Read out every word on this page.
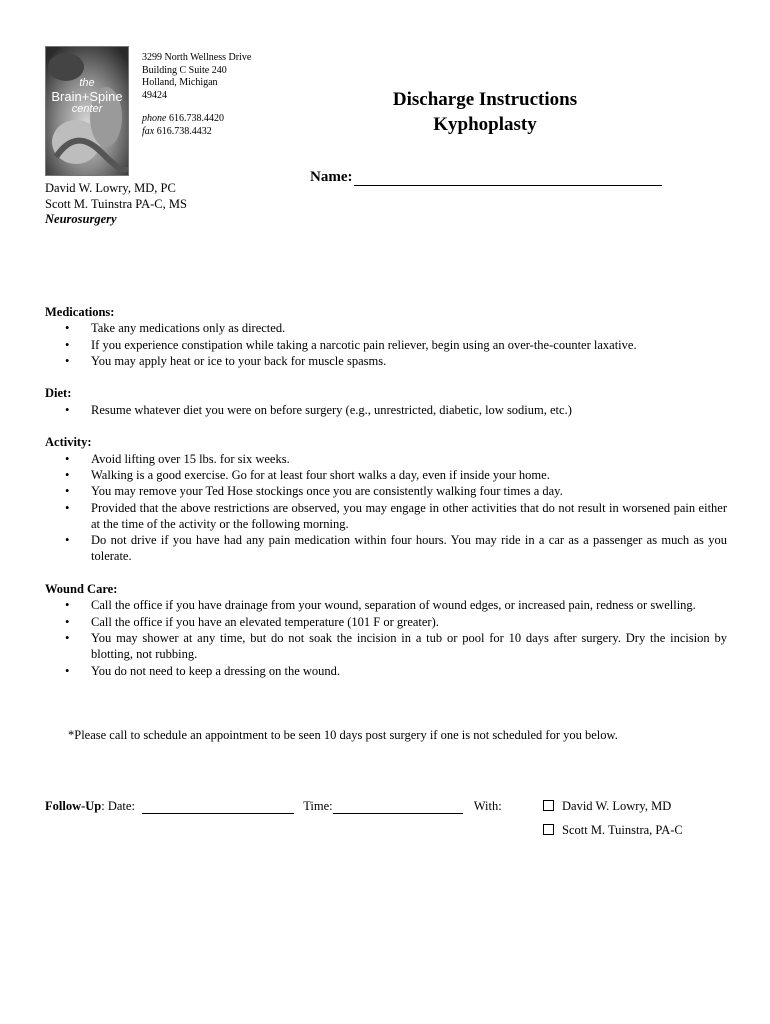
the
Brain+Spine
center
3299 North Wellness Drive
Building C Suite 240
Holland, Michigan
49424
phone 616.738.4420
fax 616.738.4432
Discharge Instructions
Kyphoplasty
Name:
David W. Lowry, MD, PC
Scott M. Tuinstra PA-C, MS
Neurosurgery
Medications:
• Take any medications only as directed.
• If you experience constipation while taking a narcotic pain reliever, begin using an over-the-counter laxative.
• You may apply heat or ice to your back for muscle spasms.
Diet:
• Resume whatever diet you were on before surgery (e.g., unrestricted, diabetic, low sodium, etc.)
Activity:
• Avoid lifting over 15 lbs. for six weeks.
• Walking is a good exercise. Go for at least four short walks a day, even if inside your home.
• You may remove your Ted Hose stockings once you are consistently walking four times a day.
• Provided that the above restrictions are observed, you may engage in other activities that do not result in worsened pain either at the time of the activity or the following morning.
• Do not drive if you have had any pain medication within four hours. You may ride in a car as a passenger as much as you tolerate.
Wound Care:
• Call the office if you have drainage from your wound, separation of wound edges, or increased pain, redness or swelling.
• Call the office if you have an elevated temperature (101 F or greater).
• You may shower at any time, but do not soak the incision in a tub or pool for 10 days after surgery. Dry the incision by blotting, not rubbing.
• You do not need to keep a dressing on the wound.
*Please call to schedule an appointment to be seen 10 days post surgery if one is not scheduled for you below.
Follow-Up: Date:	Time:	With:	David W. Lowry, MD
Scott M. Tuinstra, PA-C
